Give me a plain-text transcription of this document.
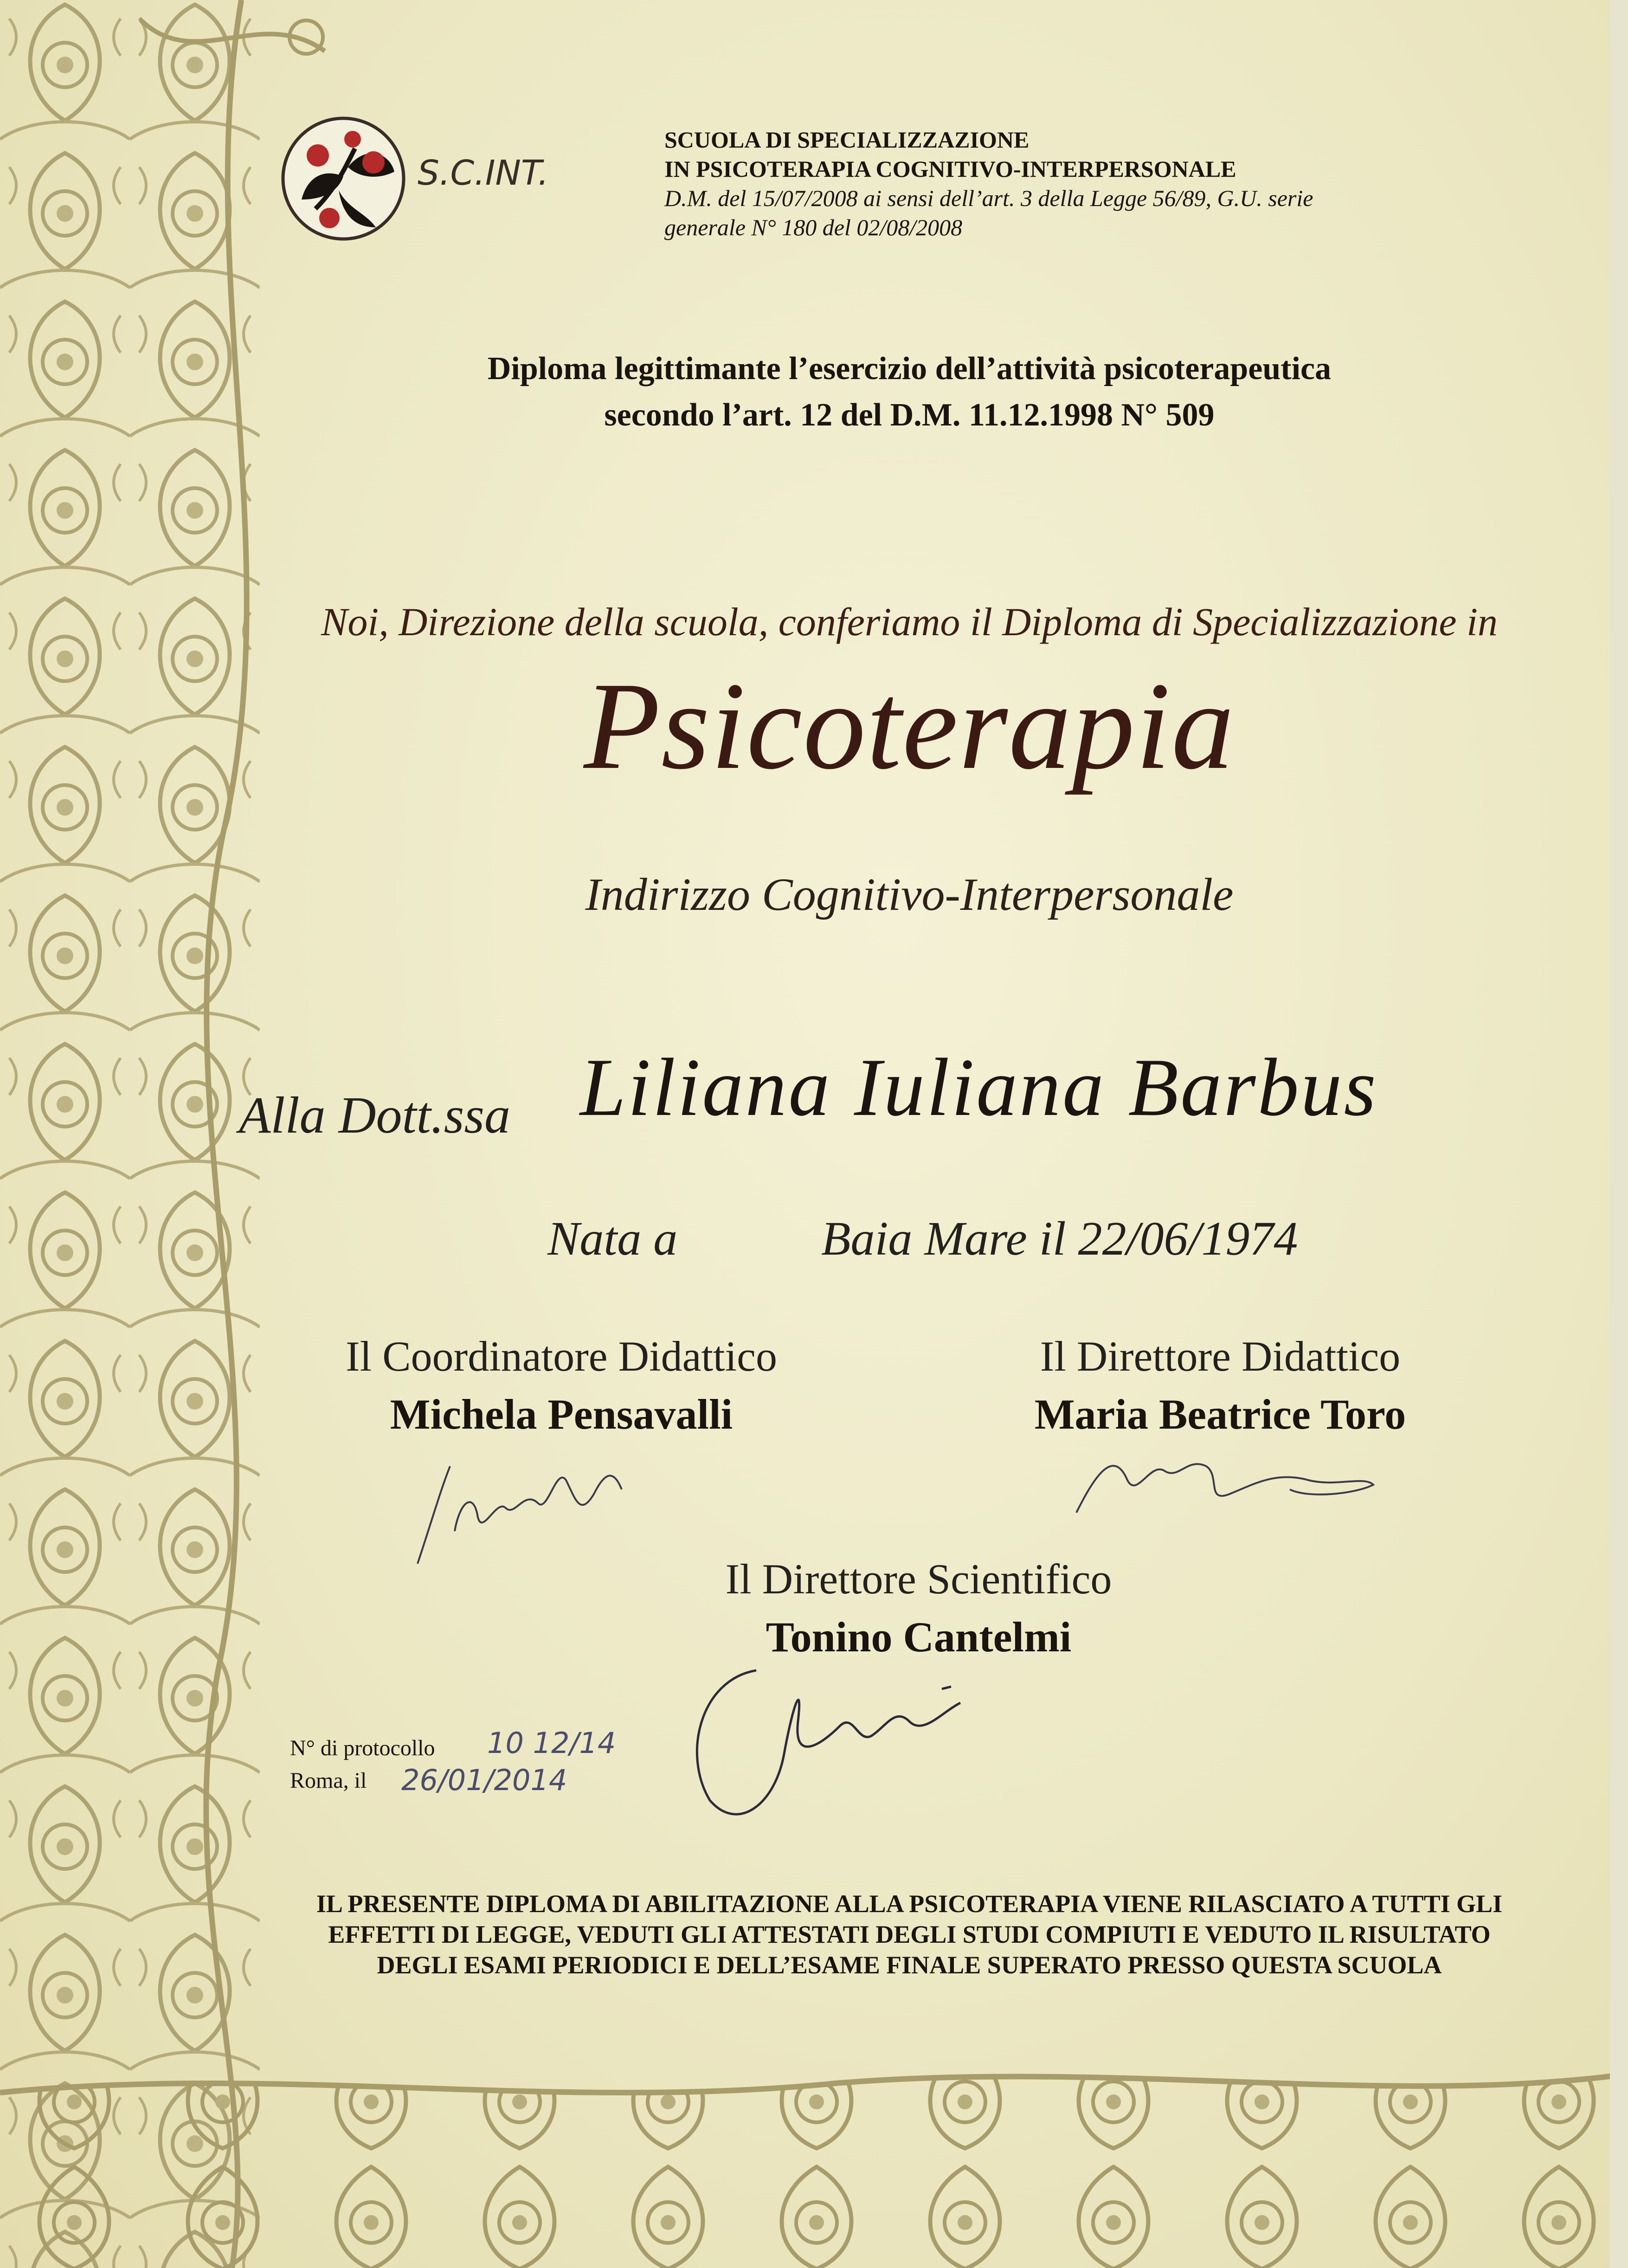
S.C.INT.
SCUOLA DI SPECIALIZZAZIONE
IN PSICOTERAPIA COGNITIVO-INTERPERSONALE
D.M. del 15/07/2008 ai sensi dell’art. 3 della Legge 56/89, G.U. serie
generale N° 180 del 02/08/2008
Diploma legittimante l’esercizio dell’attività psicoterapeutica
secondo l’art. 12 del D.M. 11.12.1998 N° 509
Noi, Direzione della scuola, conferiamo il Diploma di Specializzazione in
Psicoterapia
Indirizzo Cognitivo-Interpersonale
Alla Dott.ssa Liliana Iuliana Barbus
Nata a	Baia Mare il 22/06/1974
Il Coordinatore Didattico
Michela Pensavalli
Il Direttore Didattico
Maria Beatrice Toro
Il Direttore Scientifico
Tonino Cantelmi
N° di protocollo 10 12/14
Roma, il 26/01/2014
IL PRESENTE DIPLOMA DI ABILITAZIONE ALLA PSICOTERAPIA VIENE RILASCIATO A TUTTI GLI
EFFETTI DI LEGGE, VEDUTI GLI ATTESTATI DEGLI STUDI COMPIUTI E VEDUTO IL RISULTATO
DEGLI ESAMI PERIODICI E DELL’ESAME FINALE SUPERATO PRESSO QUESTA SCUOLA
